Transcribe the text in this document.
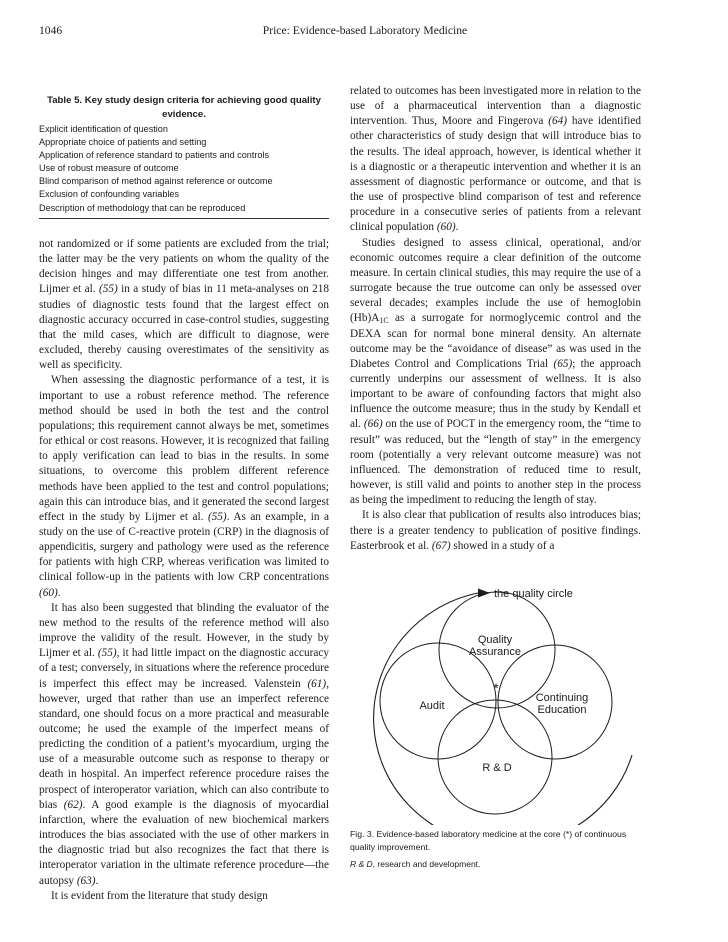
1046	Price: Evidence-based Laboratory Medicine
Table 5. Key study design criteria for achieving good quality evidence.
Explicit identification of question
Appropriate choice of patients and setting
Application of reference standard to patients and controls
Use of robust measure of outcome
Blind comparison of method against reference or outcome
Exclusion of confounding variables
Description of methodology that can be reproduced

not randomized or if some patients are excluded from the trial; the latter may be the very patients on whom the quality of the decision hinges and may differentiate one test from another. Lijmer et al. (55) in a study of bias in 11 meta-analyses on 218 studies of diagnostic tests found that the largest effect on diagnostic accuracy occurred in case-control studies, suggesting that the mild cases, which are difficult to diagnose, were excluded, thereby causing overestimates of the sensitivity as well as specificity.

When assessing the diagnostic performance of a test, it is important to use a robust reference method. The reference method should be used in both the test and the control populations; this requirement cannot always be met, sometimes for ethical or cost reasons. However, it is recognized that failing to apply verification can lead to bias in the results. In some situations, to overcome this problem different reference methods have been applied to the test and control populations; again this can introduce bias, and it generated the second largest effect in the study by Lijmer et al. (55). As an example, in a study on the use of C-reactive protein (CRP) in the diagnosis of appendicitis, surgery and pathology were used as the reference for patients with high CRP, whereas verification was limited to clinical follow-up in the patients with low CRP concentrations (60).

It has also been suggested that blinding the evaluator of the new method to the results of the reference method will also improve the validity of the result. However, in the study by Lijmer et al. (55), it had little impact on the diagnostic accuracy of a test; conversely, in situations where the reference procedure is imperfect this effect may be increased. Valenstein (61), however, urged that rather than use an imperfect reference standard, one should focus on a more practical and measurable outcome; he used the example of the imperfect means of predicting the condition of a patient’s myocardium, urging the use of a measurable outcome such as response to therapy or death in hospital. An imperfect reference procedure raises the prospect of interoperator variation, which can also contribute to bias (62). A good example is the diagnosis of myocardial infarction, where the evaluation of new biochemical markers introduces the bias associated with the use of other markers in the diagnostic triad but also recognizes the fact that there is interoperator variation in the ultimate reference procedure—the autopsy (63).

It is evident from the literature that study design

related to outcomes has been investigated more in relation to the use of a pharmaceutical intervention than a diagnostic intervention. Thus, Moore and Fingerova (64) have identified other characteristics of study design that will introduce bias to the results. The ideal approach, however, is identical whether it is a diagnostic or a therapeutic intervention and whether it is an assessment of diagnostic performance or outcome, and that is the use of prospective blind comparison of test and reference procedure in a consecutive series of patients from a relevant clinical population (60).

Studies designed to assess clinical, operational, and/or economic outcomes require a clear definition of the outcome measure. In certain clinical studies, this may require the use of a surrogate because the true outcome can only be assessed over several decades; examples include the use of hemoglobin $(Hb)A_{1C}$ as a surrogate for normoglycemic control and the DEXA scan for normal bone mineral density. An alternate outcome may be the “avoidance of disease” as was used in the Diabetes Control and Complications Trial (65); the approach currently underpins our assessment of wellness. It is also important to be aware of confounding factors that might also influence the outcome measure; thus in the study by Kendall et al. (66) on the use of POCT in the emergency room, the “time to result” was reduced, but the “length of stay” in the emergency room (potentially a very relevant outcome measure) was not influenced. The demonstration of reduced time to result, however, is still valid and points to another step in the process as being the impediment to reducing the length of stay.

It is also clear that publication of results also introduces bias; there is a greater tendency to publication of positive findings. Easterbrook et al. (67) showed in a study of a

the quality circle
Quality
Assurance
Audit
Continuing
Education
R & D
*

Fig. 3. Evidence-based laboratory medicine at the core (*) of continuous quality improvement.

R & D, research and development.
